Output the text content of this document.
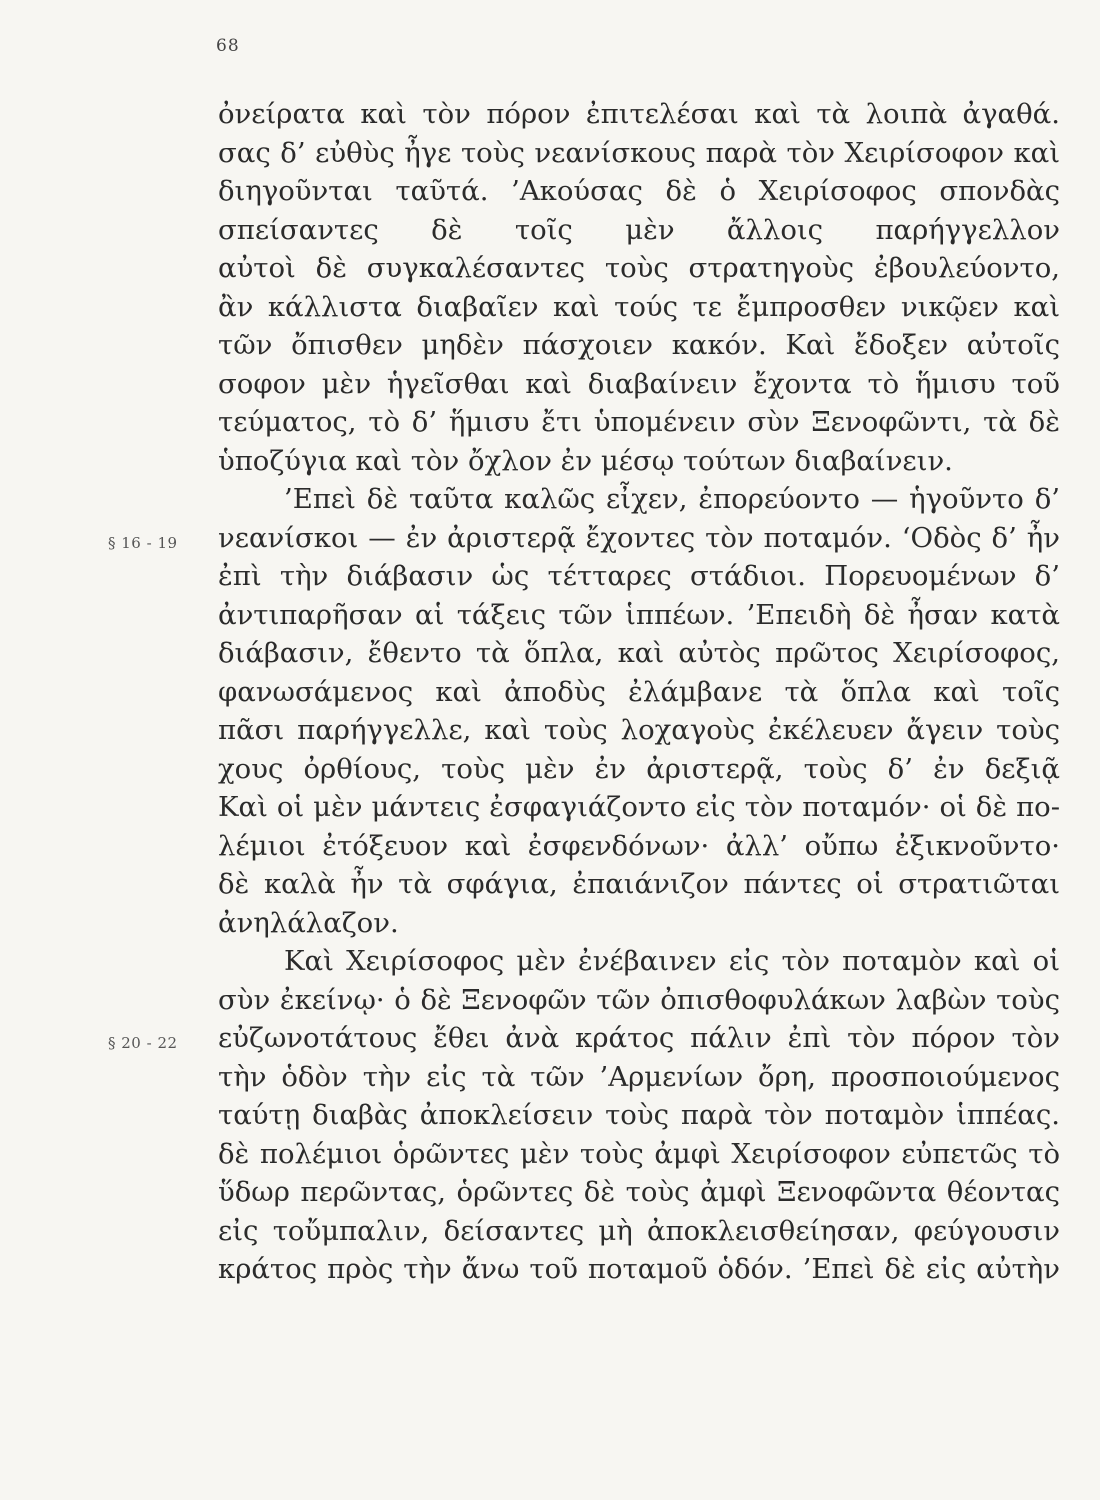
68
§ 16 - 19
§ 20 - 22
ὀνείρατα καὶ τὸν πόρον ἐπιτελέσαι καὶ τὰ λοιπὰ ἀγαθά.
σας δ’ εὐθὺς ἦγε τοὺς νεανίσκους παρὰ τὸν Χειρίσοφον καὶ
διηγοῦνται ταῦτά. ’Ακούσας δὲ ὁ Χειρίσοφος σπονδὰς
σπείσαντες δὲ τοῖς μὲν ἄλλοις παρήγγελλον
αὐτοὶ δὲ συγκαλέσαντες τοὺς στρατηγοὺς ἐβουλεύοντο,
ἂν κάλλιστα διαβαῖεν καὶ τούς τε ἔμπροσθεν νικῷεν καὶ
τῶν ὄπισθεν μηδὲν πάσχοιεν κακόν. Καὶ ἔδοξεν αὐτοῖς
σοφον μὲν ἡγεῖσθαι καὶ διαβαίνειν ἔχοντα τὸ ἥμισυ τοῦ
τεύματος, τὸ δ’ ἥμισυ ἔτι ὑπομένειν σὺν Ξενοφῶντι, τὰ δὲ
ὑποζύγια καὶ τὸν ὄχλον ἐν μέσῳ τούτων διαβαίνειν.
’Επεὶ δὲ ταῦτα καλῶς εἶχεν, ἐπορεύοντο — ἡγοῦντο δ’
νεανίσκοι — ἐν ἀριστερᾷ ἔχοντες τὸν ποταμόν. ‘Οδὸς δ’ ἦν
ἐπὶ τὴν διάβασιν ὡς τέτταρες στάδιοι. Πορευομένων δ’
ἀντιπαρῆσαν αἱ τάξεις τῶν ἱππέων. ’Επειδὴ δὲ ἦσαν κατὰ
διάβασιν, ἔθεντο τὰ ὅπλα, καὶ αὐτὸς πρῶτος Χειρίσοφος,
φανωσάμενος καὶ ἀποδὺς ἐλάμβανε τὰ ὅπλα καὶ τοῖς
πᾶσι παρήγγελλε, καὶ τοὺς λοχαγοὺς ἐκέλευεν ἄγειν τοὺς
χους ὀρθίους, τοὺς μὲν ἐν ἀριστερᾷ, τοὺς δ’ ἐν δεξιᾷ
Καὶ οἱ μὲν μάντεις ἐσφαγιάζοντο εἰς τὸν ποταμόν· οἱ δὲ πο-
λέμιοι ἐτόξευον καὶ ἐσφενδόνων· ἀλλ’ οὔπω ἐξικνοῦντο·
δὲ καλὰ ἦν τὰ σφάγια, ἐπαιάνιζον πάντες οἱ στρατιῶται
ἀνηλάλαζον.
Καὶ Χειρίσοφος μὲν ἐνέβαινεν εἰς τὸν ποταμὸν καὶ οἱ
σὺν ἐκείνῳ· ὁ δὲ Ξενοφῶν τῶν ὀπισθοφυλάκων λαβὼν τοὺς
εὐζωνοτάτους ἔθει ἀνὰ κράτος πάλιν ἐπὶ τὸν πόρον τὸν
τὴν ὁδὸν τὴν εἰς τὰ τῶν ’Αρμενίων ὄρη, προσποιούμενος
ταύτῃ διαβὰς ἀποκλείσειν τοὺς παρὰ τὸν ποταμὸν ἱππέας.
δὲ πολέμιοι ὁρῶντες μὲν τοὺς ἀμφὶ Χειρίσοφον εὐπετῶς τὸ
ὕδωρ περῶντας, ὁρῶντες δὲ τοὺς ἀμφὶ Ξενοφῶντα θέοντας
εἰς τοὔμπαλιν, δείσαντες μὴ ἀποκλεισθείησαν, φεύγουσιν
κράτος πρὸς τὴν ἄνω τοῦ ποταμοῦ ὁδόν. ’Επεὶ δὲ εἰς αὐτὴν
